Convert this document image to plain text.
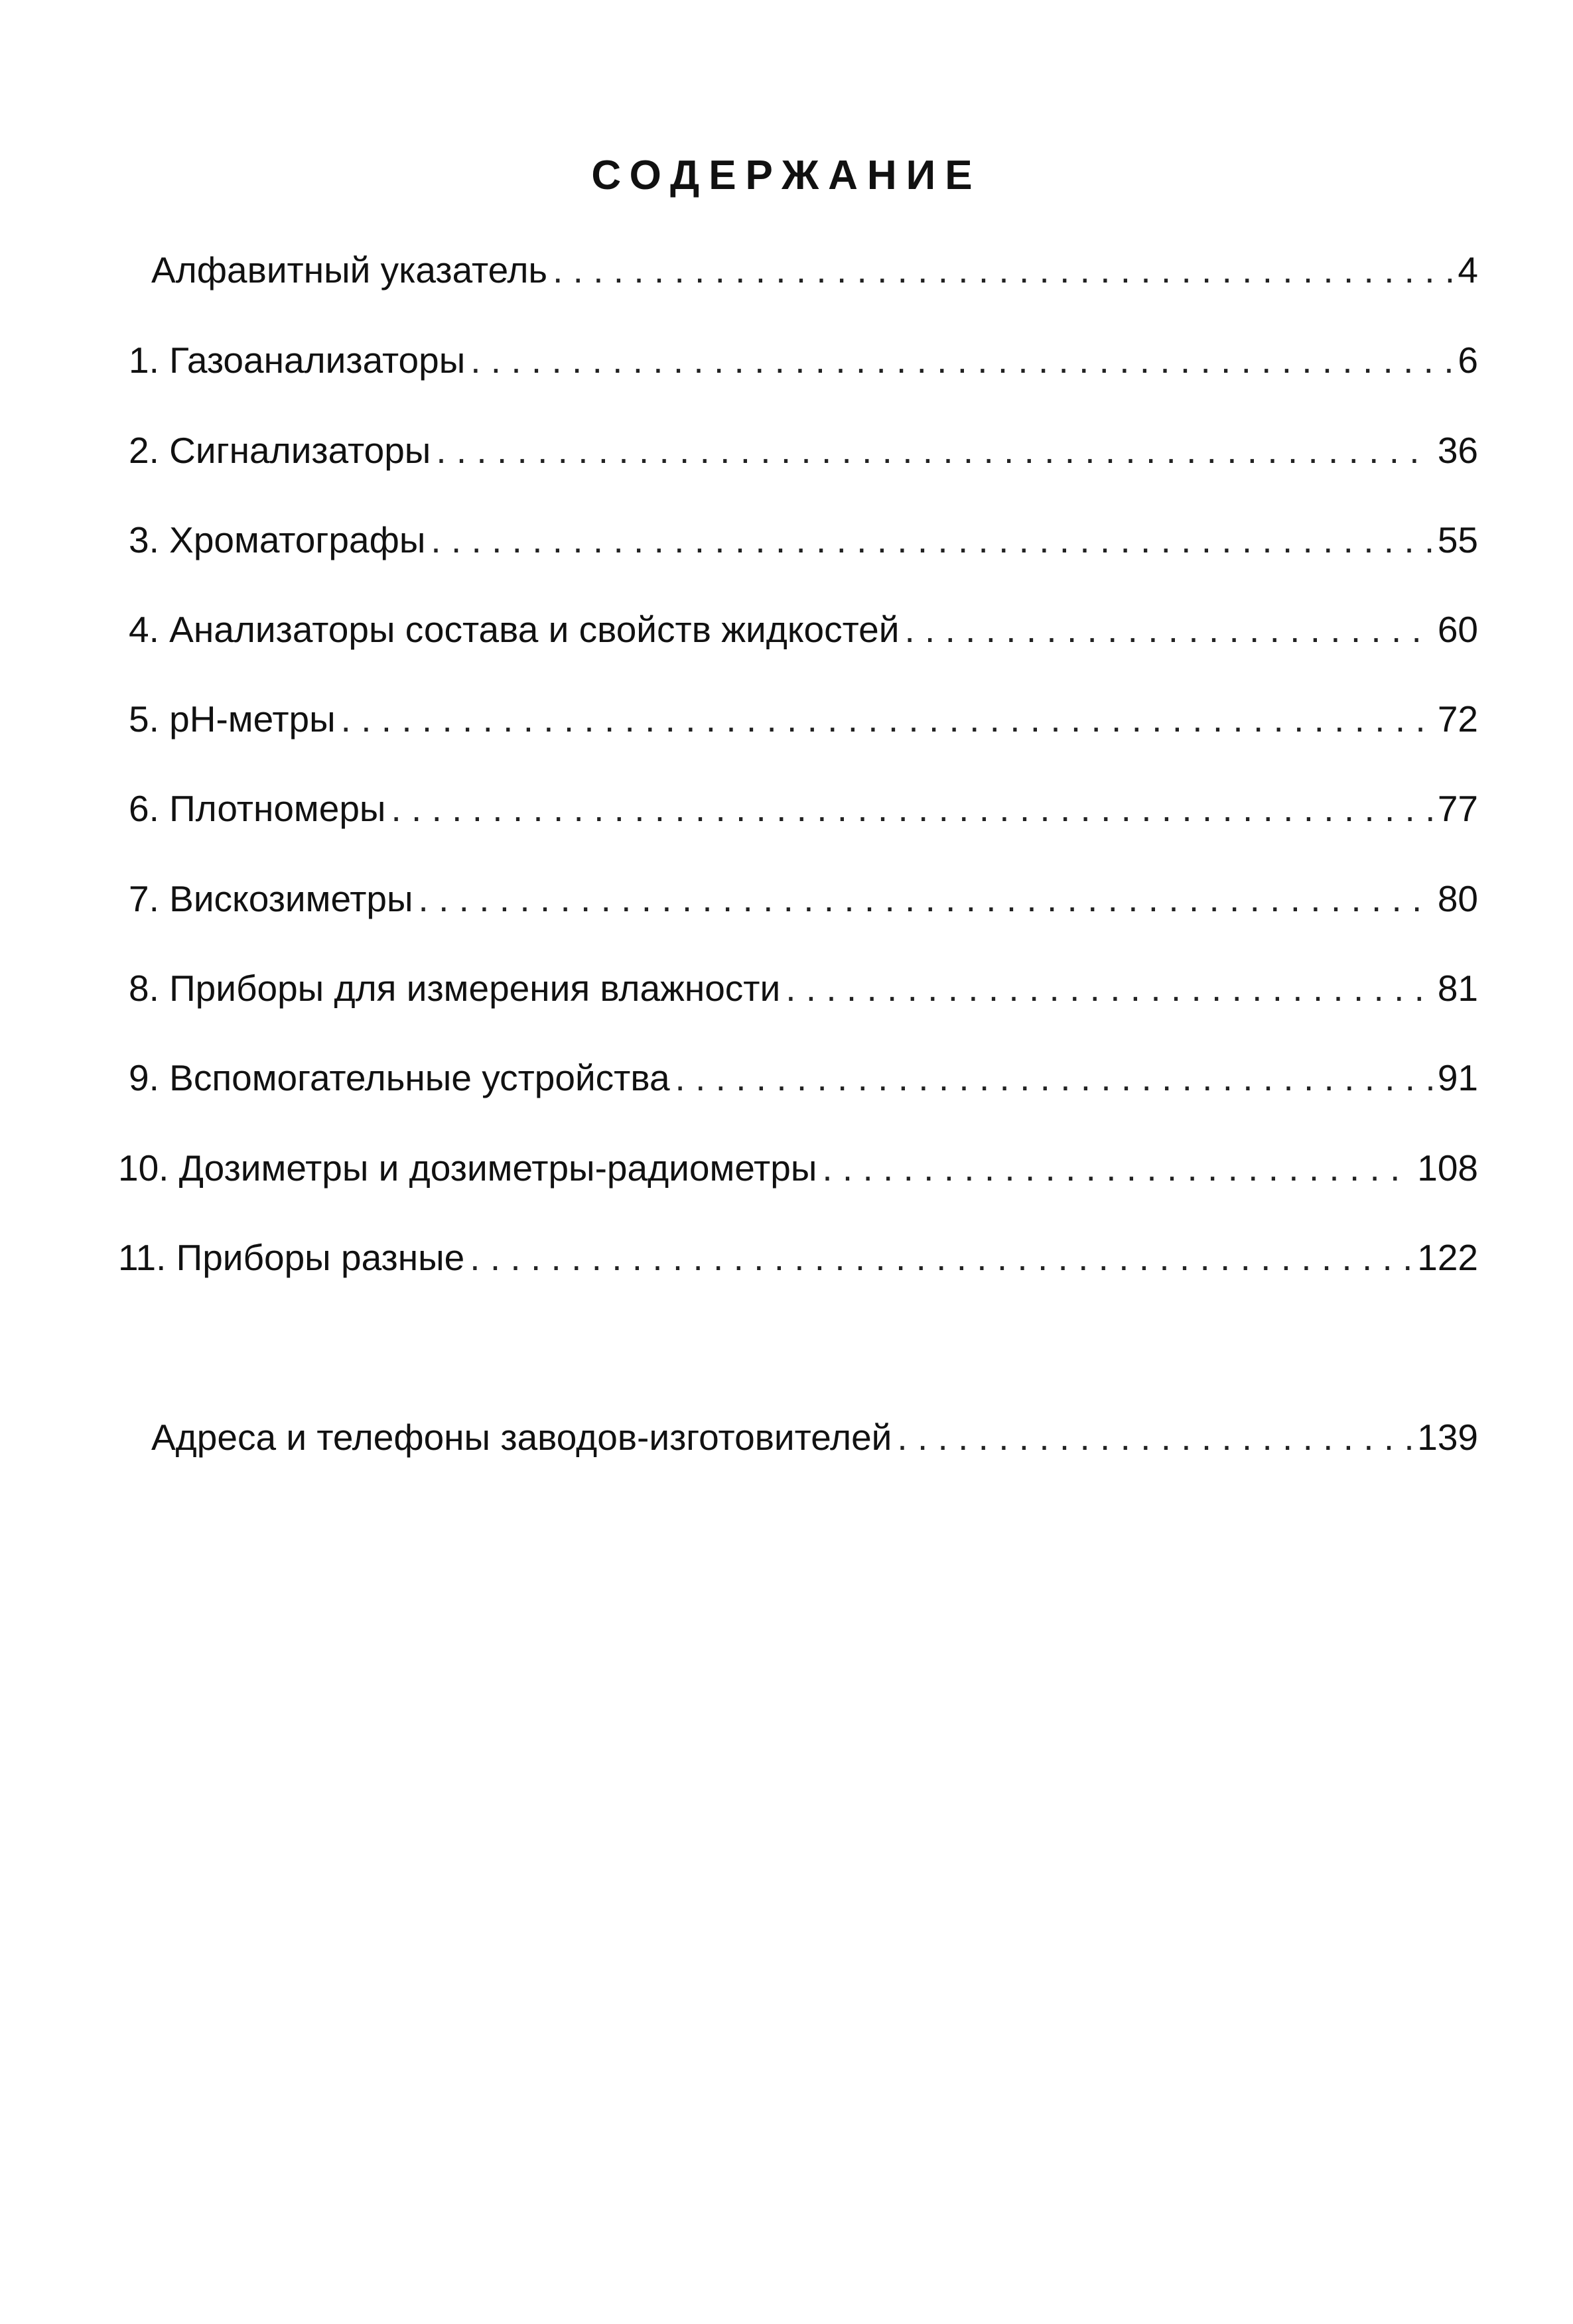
СОДЕРЖАНИЕ
Алфавитный указатель . . .	4
1. Газоанализаторы . . .	6
2. Сигнализаторы . . .	36
3. Хроматографы . . .	55
4. Анализаторы состава и свойств жидкостей . . .	60
5. рН-метры . . .	72
6. Плотномеры . . .	77
7. Вискозиметры . . .	80
8. Приборы для измерения влажности . . .	81
9. Вспомогательные устройства . . .	91
10. Дозиметры и дозиметры-радиометры . . .	108
11. Приборы разные . . .	122
Адреса и телефоны заводов-изготовителей . . .	139
